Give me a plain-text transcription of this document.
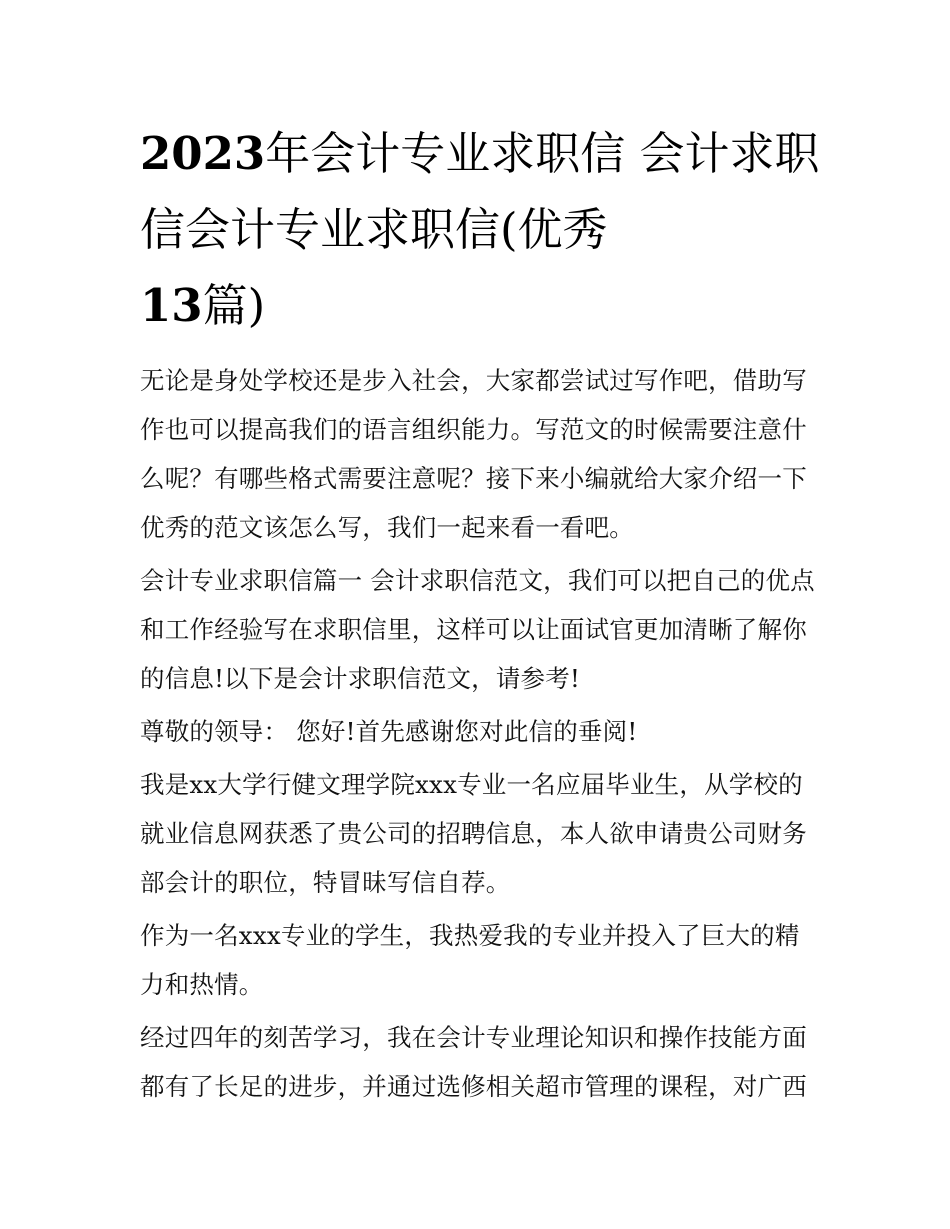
2023年会计专业求职信 会计求职信会计专业求职信(优秀
13篇)

无论是身处学校还是步入社会，大家都尝试过写作吧，借助写作也可以提高我们的语言组织能力。写范文的时候需要注意什么呢？有哪些格式需要注意呢？接下来小编就给大家介绍一下优秀的范文该怎么写，我们一起来看一看吧。

会计专业求职信篇一 会计求职信范文，我们可以把自己的优点和工作经验写在求职信里，这样可以让面试官更加清晰了解你的信息!以下是会计求职信范文，请参考!

尊敬的领导： 您好!首先感谢您对此信的垂阅!

我是xx大学行健文理学院xxx专业一名应届毕业生，从学校的就业信息网获悉了贵公司的招聘信息，本人欲申请贵公司财务部会计的职位，特冒昧写信自荐。

作为一名xxx专业的学生，我热爱我的专业并投入了巨大的精力和热情。

经过四年的刻苦学习，我在会计专业理论知识和操作技能方面都有了长足的进步，并通过选修相关超市管理的课程，对广西
